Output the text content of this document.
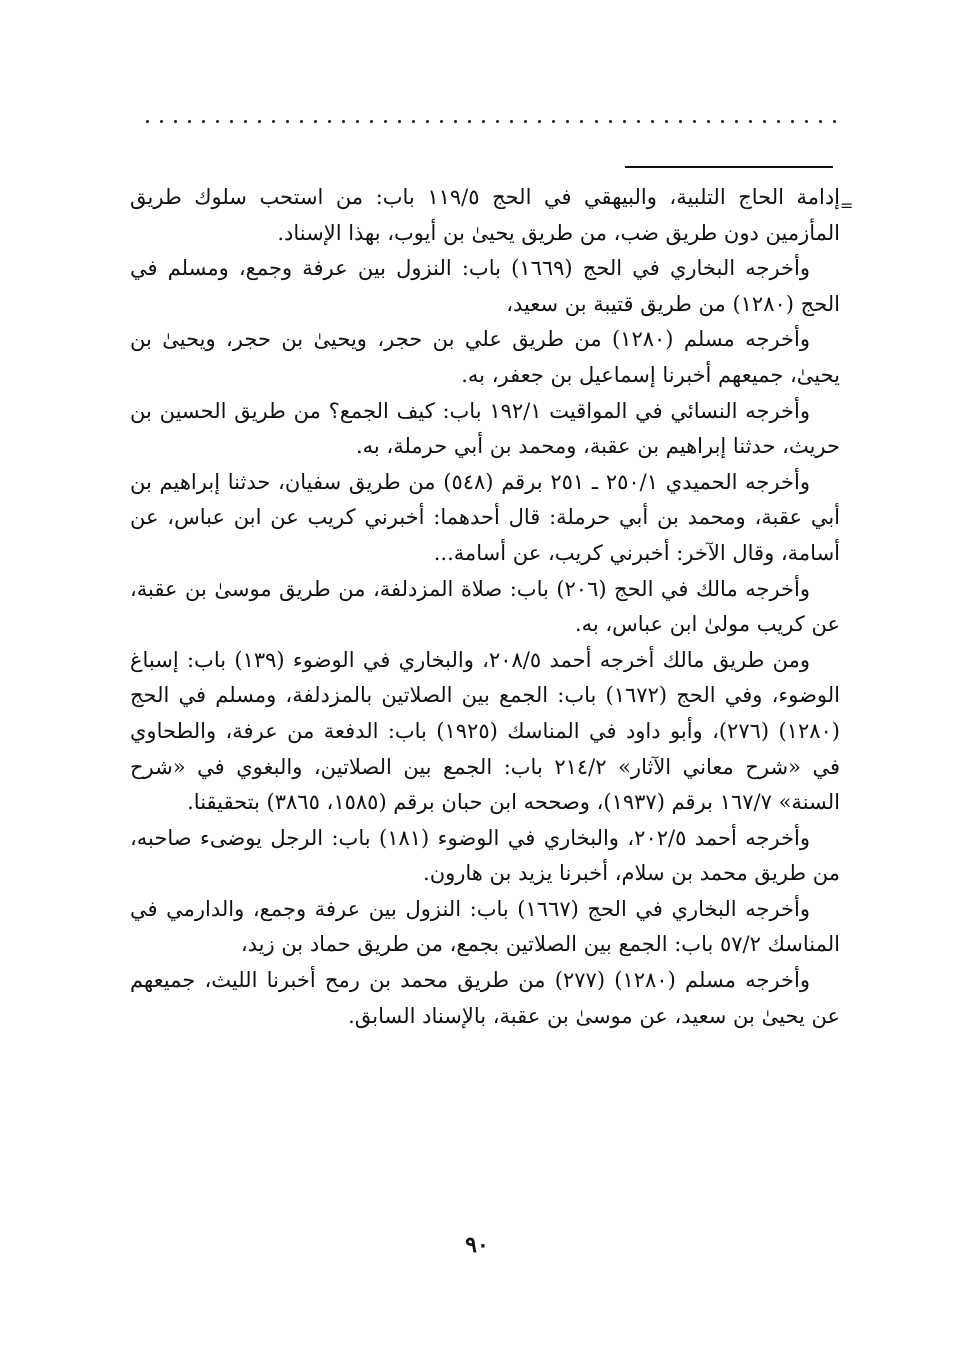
=

إدامة الحاج التلبية، والبيهقي في الحج ١١٩/٥ باب: من استحب سلوك طريق المأزمين دون طريق ضب، من طريق يحيىٰ بن أيوب، بهذا الإسناد.

وأخرجه البخاري في الحج (١٦٦٩) باب: النزول بين عرفة وجمع، ومسلم في الحج (١٢٨٠) من طريق قتيبة بن سعيد،

وأخرجه مسلم (١٢٨٠) من طريق علي بن حجر، ويحيىٰ بن حجر، ويحيىٰ بن يحيىٰ، جميعهم أخبرنا إسماعيل بن جعفر، به.

وأخرجه النسائي في المواقيت ١٩٢/١ باب: كيف الجمع؟ من طريق الحسين بن حريث، حدثنا إبراهيم بن عقبة، ومحمد بن أبي حرملة، به.

وأخرجه الحميدي ٢٥٠/١ ـ ٢٥١ برقم (٥٤٨) من طريق سفيان، حدثنا إبراهيم بن أبي عقبة، ومحمد بن أبي حرملة: قال أحدهما: أخبرني كريب عن ابن عباس، عن أسامة، وقال الآخر: أخبرني كريب، عن أسامة...

وأخرجه مالك في الحج (٢٠٦) باب: صلاة المزدلفة، من طريق موسىٰ بن عقبة، عن كريب مولىٰ ابن عباس، به.

ومن طريق مالك أخرجه أحمد ٢٠٨/٥، والبخاري في الوضوء (١٣٩) باب: إسباغ الوضوء، وفي الحج (١٦٧٢) باب: الجمع بين الصلاتين بالمزدلفة، ومسلم في الحج (١٢٨٠) (٢٧٦)، وأبو داود في المناسك (١٩٢٥) باب: الدفعة من عرفة، والطحاوي في «شرح معاني الآثار» ٢١٤/٢ باب: الجمع بين الصلاتين، والبغوي في «شرح السنة» ١٦٧/٧ برقم (١٩٣٧)، وصححه ابن حبان برقم (١٥٨٥، ٣٨٦٥) بتحقيقنا.

وأخرجه أحمد ٢٠٢/٥، والبخاري في الوضوء (١٨١) باب: الرجل يوضىء صاحبه، من طريق محمد بن سلام، أخبرنا يزيد بن هارون.

وأخرجه البخاري في الحج (١٦٦٧) باب: النزول بين عرفة وجمع، والدارمي في المناسك ٥٧/٢ باب: الجمع بين الصلاتين بجمع، من طريق حماد بن زيد،

وأخرجه مسلم (١٢٨٠) (٢٧٧) من طريق محمد بن رمح أخبرنا الليث، جميعهم عن يحيىٰ بن سعيد، عن موسىٰ بن عقبة، بالإسناد السابق.

٩٠
